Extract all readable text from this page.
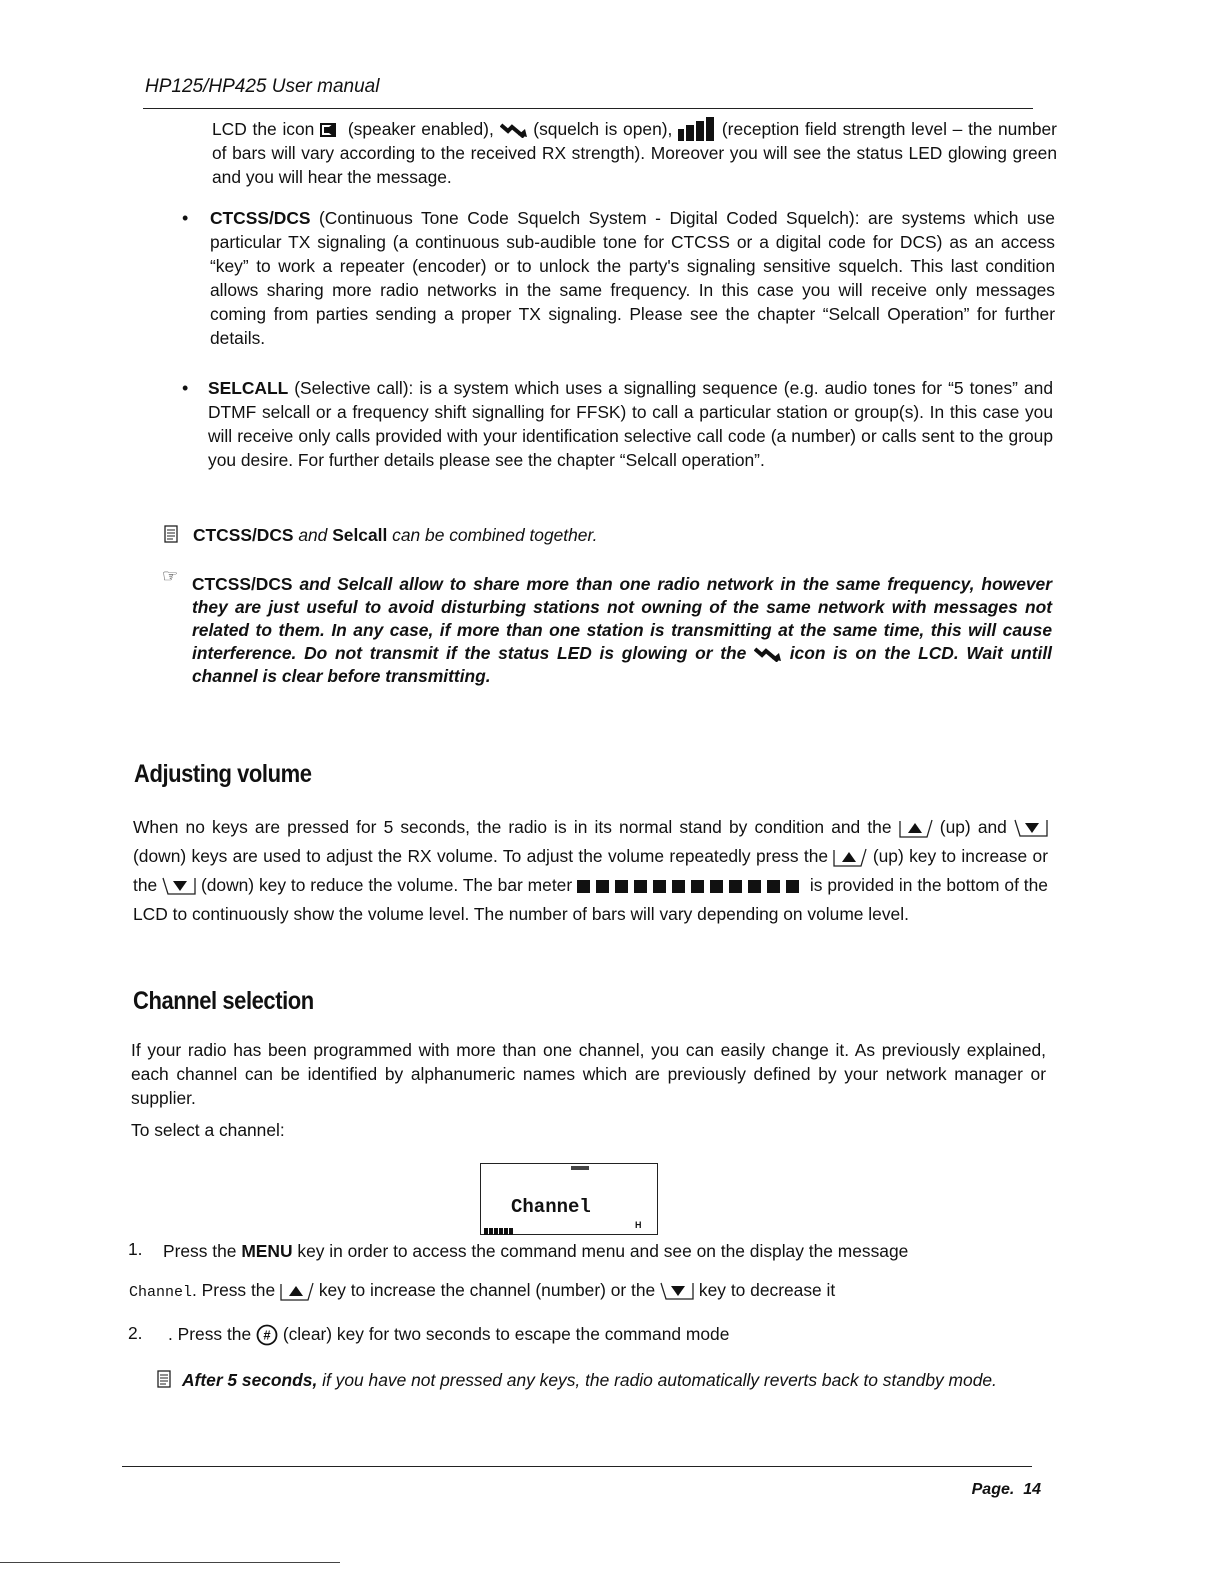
HP125/HP425 User manual
LCD the icon (speaker enabled), (squelch is open),	(reception field strength level – the number of bars will vary according to the received RX strength). Moreover you will see the status LED glowing green and you will hear the message.
• CTCSS/DCS (Continuous Tone Code Squelch System - Digital Coded Squelch): are systems which use particular TX signaling (a continuous sub-audible tone for CTCSS or a digital code for DCS) as an access “key” to work a repeater (encoder) or to unlock the party's signaling sensitive squelch. This last condition allows sharing more radio networks in the same frequency. In this case you will receive only messages coming from parties sending a proper TX signaling. Please see the chapter “Selcall Operation” for further details.
• SELCALL (Selective call): is a system which uses a signalling sequence (e.g. audio tones for “5 tones” and DTMF selcall or a frequency shift signalling for FFSK) to call a particular station or group(s). In this case you will receive only calls provided with your identification selective call code (a number) or calls sent to the group you desire. For further details please see the chapter “Selcall operation”.
CTCSS/DCS and Selcall can be combined together.
☞ CTCSS/DCS and Selcall allow to share more than one radio network in the same frequency, however they are just useful to avoid disturbing stations not owning of the same network with messages not related to them. In any case, if more than one station is transmitting at the same time, this will cause interference. Do not transmit if the status LED is glowing or the icon is on the LCD. Wait untill channel is clear before transmitting.
Adjusting volume
When no keys are pressed for 5 seconds, the radio is in its normal stand by condition and the	(up) and  (down) keys are used to adjust the RX volume. To adjust the volume repeatedly press the	(up) key to increase or the	(down) key to reduce the volume. The bar meter	is provided in the bottom of the LCD to continuously show the volume level. The number of bars will vary depending on volume level.
Channel selection
If your radio has been programmed with more than one channel, you can easily change it. As previously explained, each channel can be identified by alphanumeric names which are previously defined by your network manager or supplier.
To select a channel:
Channel
H
1. Press the MENU key in order to access the command menu and see on the display the message
Channel. Press the	key to increase the channel (number) or the	key to decrease it
2. . Press the # (clear) key for two seconds to escape the command mode
After 5 seconds, if you have not pressed any keys, the radio automatically reverts back to standby mode.
Page. 14
